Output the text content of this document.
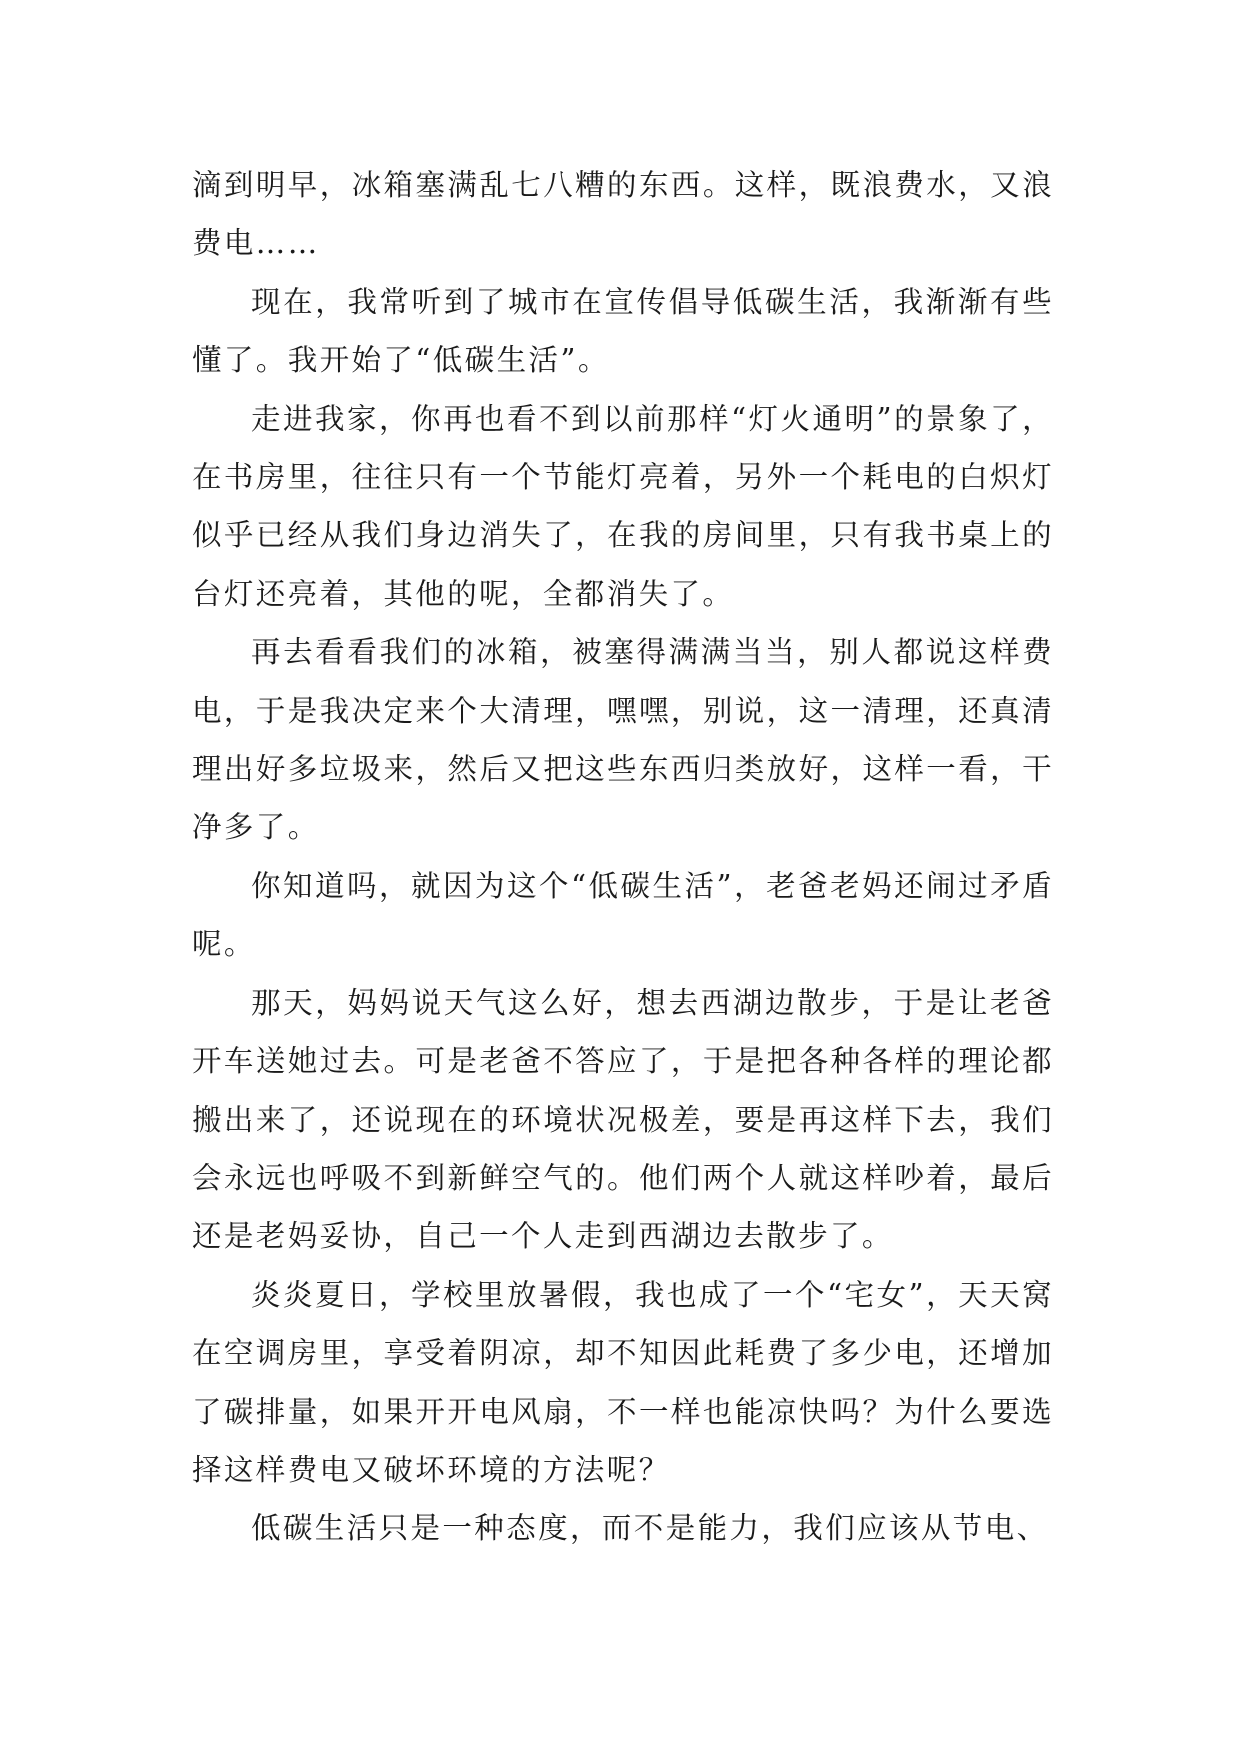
滴到明早，冰箱塞满乱七八糟的东西。这样，既浪费水，又浪费电……

现在，我常听到了城市在宣传倡导低碳生活，我渐渐有些懂了。我开始了“低碳生活”。

走进我家，你再也看不到以前那样“灯火通明”的景象了，在书房里，往往只有一个节能灯亮着，另外一个耗电的白炽灯似乎已经从我们身边消失了，在我的房间里，只有我书桌上的台灯还亮着，其他的呢，全都消失了。

再去看看我们的冰箱，被塞得满满当当，别人都说这样费电，于是我决定来个大清理，嘿嘿，别说，这一清理，还真清理出好多垃圾来，然后又把这些东西归类放好，这样一看，干净多了。

你知道吗，就因为这个“低碳生活”，老爸老妈还闹过矛盾呢。

那天，妈妈说天气这么好，想去西湖边散步，于是让老爸开车送她过去。可是老爸不答应了，于是把各种各样的理论都搬出来了，还说现在的环境状况极差，要是再这样下去，我们会永远也呼吸不到新鲜空气的。他们两个人就这样吵着，最后还是老妈妥协，自己一个人走到西湖边去散步了。

炎炎夏日，学校里放暑假，我也成了一个“宅女”，天天窝在空调房里，享受着阴凉，却不知因此耗费了多少电，还增加了碳排量，如果开开电风扇，不一样也能凉快吗？为什么要选择这样费电又破坏环境的方法呢？

低碳生活只是一种态度，而不是能力，我们应该从节电、
